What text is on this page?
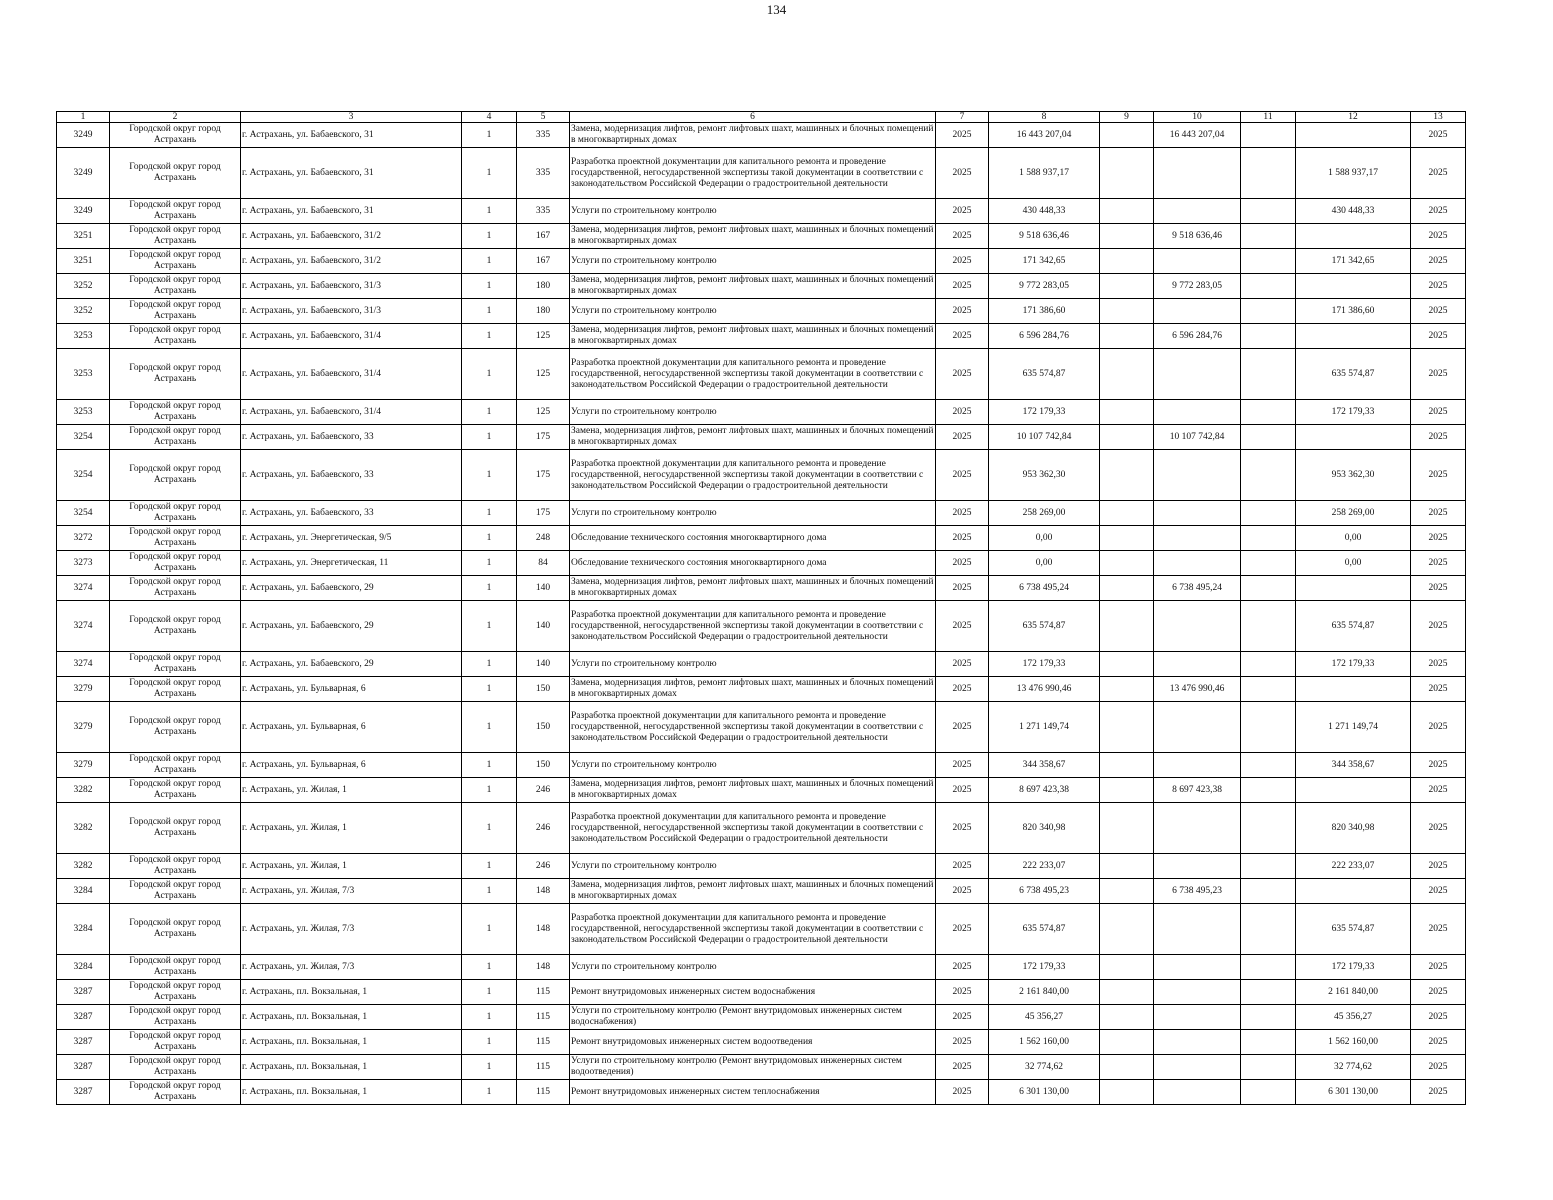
134
1	2	3	4	5	6	7	8	9	10	11	12	13
3249	Городской округ город Астрахань	г. Астрахань, ул. Бабаевского, 31	1	335	Замена, модернизация лифтов, ремонт лифтовых шахт, машинных и блочных помещений в многоквартирных домах	2025	16 443 207,04		16 443 207,04			2025
3249	Городской округ город Астрахань	г. Астрахань, ул. Бабаевского, 31	1	335	Разработка проектной документации для капитального ремонта и проведение государственной, негосударственной экспертизы такой документации в соответствии с законодательством Российской Федерации о градостроительной деятельности	2025	1 588 937,17				1 588 937,17	2025
3249	Городской округ город Астрахань	г. Астрахань, ул. Бабаевского, 31	1	335	Услуги по строительному контролю	2025	430 448,33				430 448,33	2025
3251	Городской округ город Астрахань	г. Астрахань, ул. Бабаевского, 31/2	1	167	Замена, модернизация лифтов, ремонт лифтовых шахт, машинных и блочных помещений в многоквартирных домах	2025	9 518 636,46		9 518 636,46			2025
3251	Городской округ город Астрахань	г. Астрахань, ул. Бабаевского, 31/2	1	167	Услуги по строительному контролю	2025	171 342,65				171 342,65	2025
3252	Городской округ город Астрахань	г. Астрахань, ул. Бабаевского, 31/3	1	180	Замена, модернизация лифтов, ремонт лифтовых шахт, машинных и блочных помещений в многоквартирных домах	2025	9 772 283,05		9 772 283,05			2025
3252	Городской округ город Астрахань	г. Астрахань, ул. Бабаевского, 31/3	1	180	Услуги по строительному контролю	2025	171 386,60				171 386,60	2025
3253	Городской округ город Астрахань	г. Астрахань, ул. Бабаевского, 31/4	1	125	Замена, модернизация лифтов, ремонт лифтовых шахт, машинных и блочных помещений в многоквартирных домах	2025	6 596 284,76		6 596 284,76			2025
3253	Городской округ город Астрахань	г. Астрахань, ул. Бабаевского, 31/4	1	125	Разработка проектной документации для капитального ремонта и проведение государственной, негосударственной экспертизы такой документации в соответствии с законодательством Российской Федерации о градостроительной деятельности	2025	635 574,87				635 574,87	2025
3253	Городской округ город Астрахань	г. Астрахань, ул. Бабаевского, 31/4	1	125	Услуги по строительному контролю	2025	172 179,33				172 179,33	2025
3254	Городской округ город Астрахань	г. Астрахань, ул. Бабаевского, 33	1	175	Замена, модернизация лифтов, ремонт лифтовых шахт, машинных и блочных помещений в многоквартирных домах	2025	10 107 742,84		10 107 742,84			2025
3254	Городской округ город Астрахань	г. Астрахань, ул. Бабаевского, 33	1	175	Разработка проектной документации для капитального ремонта и проведение государственной, негосударственной экспертизы такой документации в соответствии с законодательством Российской Федерации о градостроительной деятельности	2025	953 362,30				953 362,30	2025
3254	Городской округ город Астрахань	г. Астрахань, ул. Бабаевского, 33	1	175	Услуги по строительному контролю	2025	258 269,00				258 269,00	2025
3272	Городской округ город Астрахань	г. Астрахань, ул. Энергетическая, 9/5	1	248	Обследование технического состояния многоквартирного дома	2025	0,00				0,00	2025
3273	Городской округ город Астрахань	г. Астрахань, ул. Энергетическая, 11	1	84	Обследование технического состояния многоквартирного дома	2025	0,00				0,00	2025
3274	Городской округ город Астрахань	г. Астрахань, ул. Бабаевского, 29	1	140	Замена, модернизация лифтов, ремонт лифтовых шахт, машинных и блочных помещений в многоквартирных домах	2025	6 738 495,24		6 738 495,24			2025
3274	Городской округ город Астрахань	г. Астрахань, ул. Бабаевского, 29	1	140	Разработка проектной документации для капитального ремонта и проведение государственной, негосударственной экспертизы такой документации в соответствии с законодательством Российской Федерации о градостроительной деятельности	2025	635 574,87				635 574,87	2025
3274	Городской округ город Астрахань	г. Астрахань, ул. Бабаевского, 29	1	140	Услуги по строительному контролю	2025	172 179,33				172 179,33	2025
3279	Городской округ город Астрахань	г. Астрахань, ул. Бульварная, 6	1	150	Замена, модернизация лифтов, ремонт лифтовых шахт, машинных и блочных помещений в многоквартирных домах	2025	13 476 990,46		13 476 990,46			2025
3279	Городской округ город Астрахань	г. Астрахань, ул. Бульварная, 6	1	150	Разработка проектной документации для капитального ремонта и проведение государственной, негосударственной экспертизы такой документации в соответствии с законодательством Российской Федерации о градостроительной деятельности	2025	1 271 149,74				1 271 149,74	2025
3279	Городской округ город Астрахань	г. Астрахань, ул. Бульварная, 6	1	150	Услуги по строительному контролю	2025	344 358,67				344 358,67	2025
3282	Городской округ город Астрахань	г. Астрахань, ул. Жилая, 1	1	246	Замена, модернизация лифтов, ремонт лифтовых шахт, машинных и блочных помещений в многоквартирных домах	2025	8 697 423,38		8 697 423,38			2025
3282	Городской округ город Астрахань	г. Астрахань, ул. Жилая, 1	1	246	Разработка проектной документации для капитального ремонта и проведение государственной, негосударственной экспертизы такой документации в соответствии с законодательством Российской Федерации о градостроительной деятельности	2025	820 340,98				820 340,98	2025
3282	Городской округ город Астрахань	г. Астрахань, ул. Жилая, 1	1	246	Услуги по строительному контролю	2025	222 233,07				222 233,07	2025
3284	Городской округ город Астрахань	г. Астрахань, ул. Жилая, 7/3	1	148	Замена, модернизация лифтов, ремонт лифтовых шахт, машинных и блочных помещений в многоквартирных домах	2025	6 738 495,23		6 738 495,23			2025
3284	Городской округ город Астрахань	г. Астрахань, ул. Жилая, 7/3	1	148	Разработка проектной документации для капитального ремонта и проведение государственной, негосударственной экспертизы такой документации в соответствии с законодательством Российской Федерации о градостроительной деятельности	2025	635 574,87				635 574,87	2025
3284	Городской округ город Астрахань	г. Астрахань, ул. Жилая, 7/3	1	148	Услуги по строительному контролю	2025	172 179,33				172 179,33	2025
3287	Городской округ город Астрахань	г. Астрахань, пл. Вокзальная, 1	1	115	Ремонт внутридомовых инженерных систем водоснабжения	2025	2 161 840,00				2 161 840,00	2025
3287	Городской округ город Астрахань	г. Астрахань, пл. Вокзальная, 1	1	115	Услуги по строительному контролю (Ремонт внутридомовых инженерных систем водоснабжения)	2025	45 356,27				45 356,27	2025
3287	Городской округ город Астрахань	г. Астрахань, пл. Вокзальная, 1	1	115	Ремонт внутридомовых инженерных систем водоотведения	2025	1 562 160,00				1 562 160,00	2025
3287	Городской округ город Астрахань	г. Астрахань, пл. Вокзальная, 1	1	115	Услуги по строительному контролю (Ремонт внутридомовых инженерных систем водоотведения)	2025	32 774,62				32 774,62	2025
3287	Городской округ город Астрахань	г. Астрахань, пл. Вокзальная, 1	1	115	Ремонт внутридомовых инженерных систем теплоснабжения	2025	6 301 130,00				6 301 130,00	2025
